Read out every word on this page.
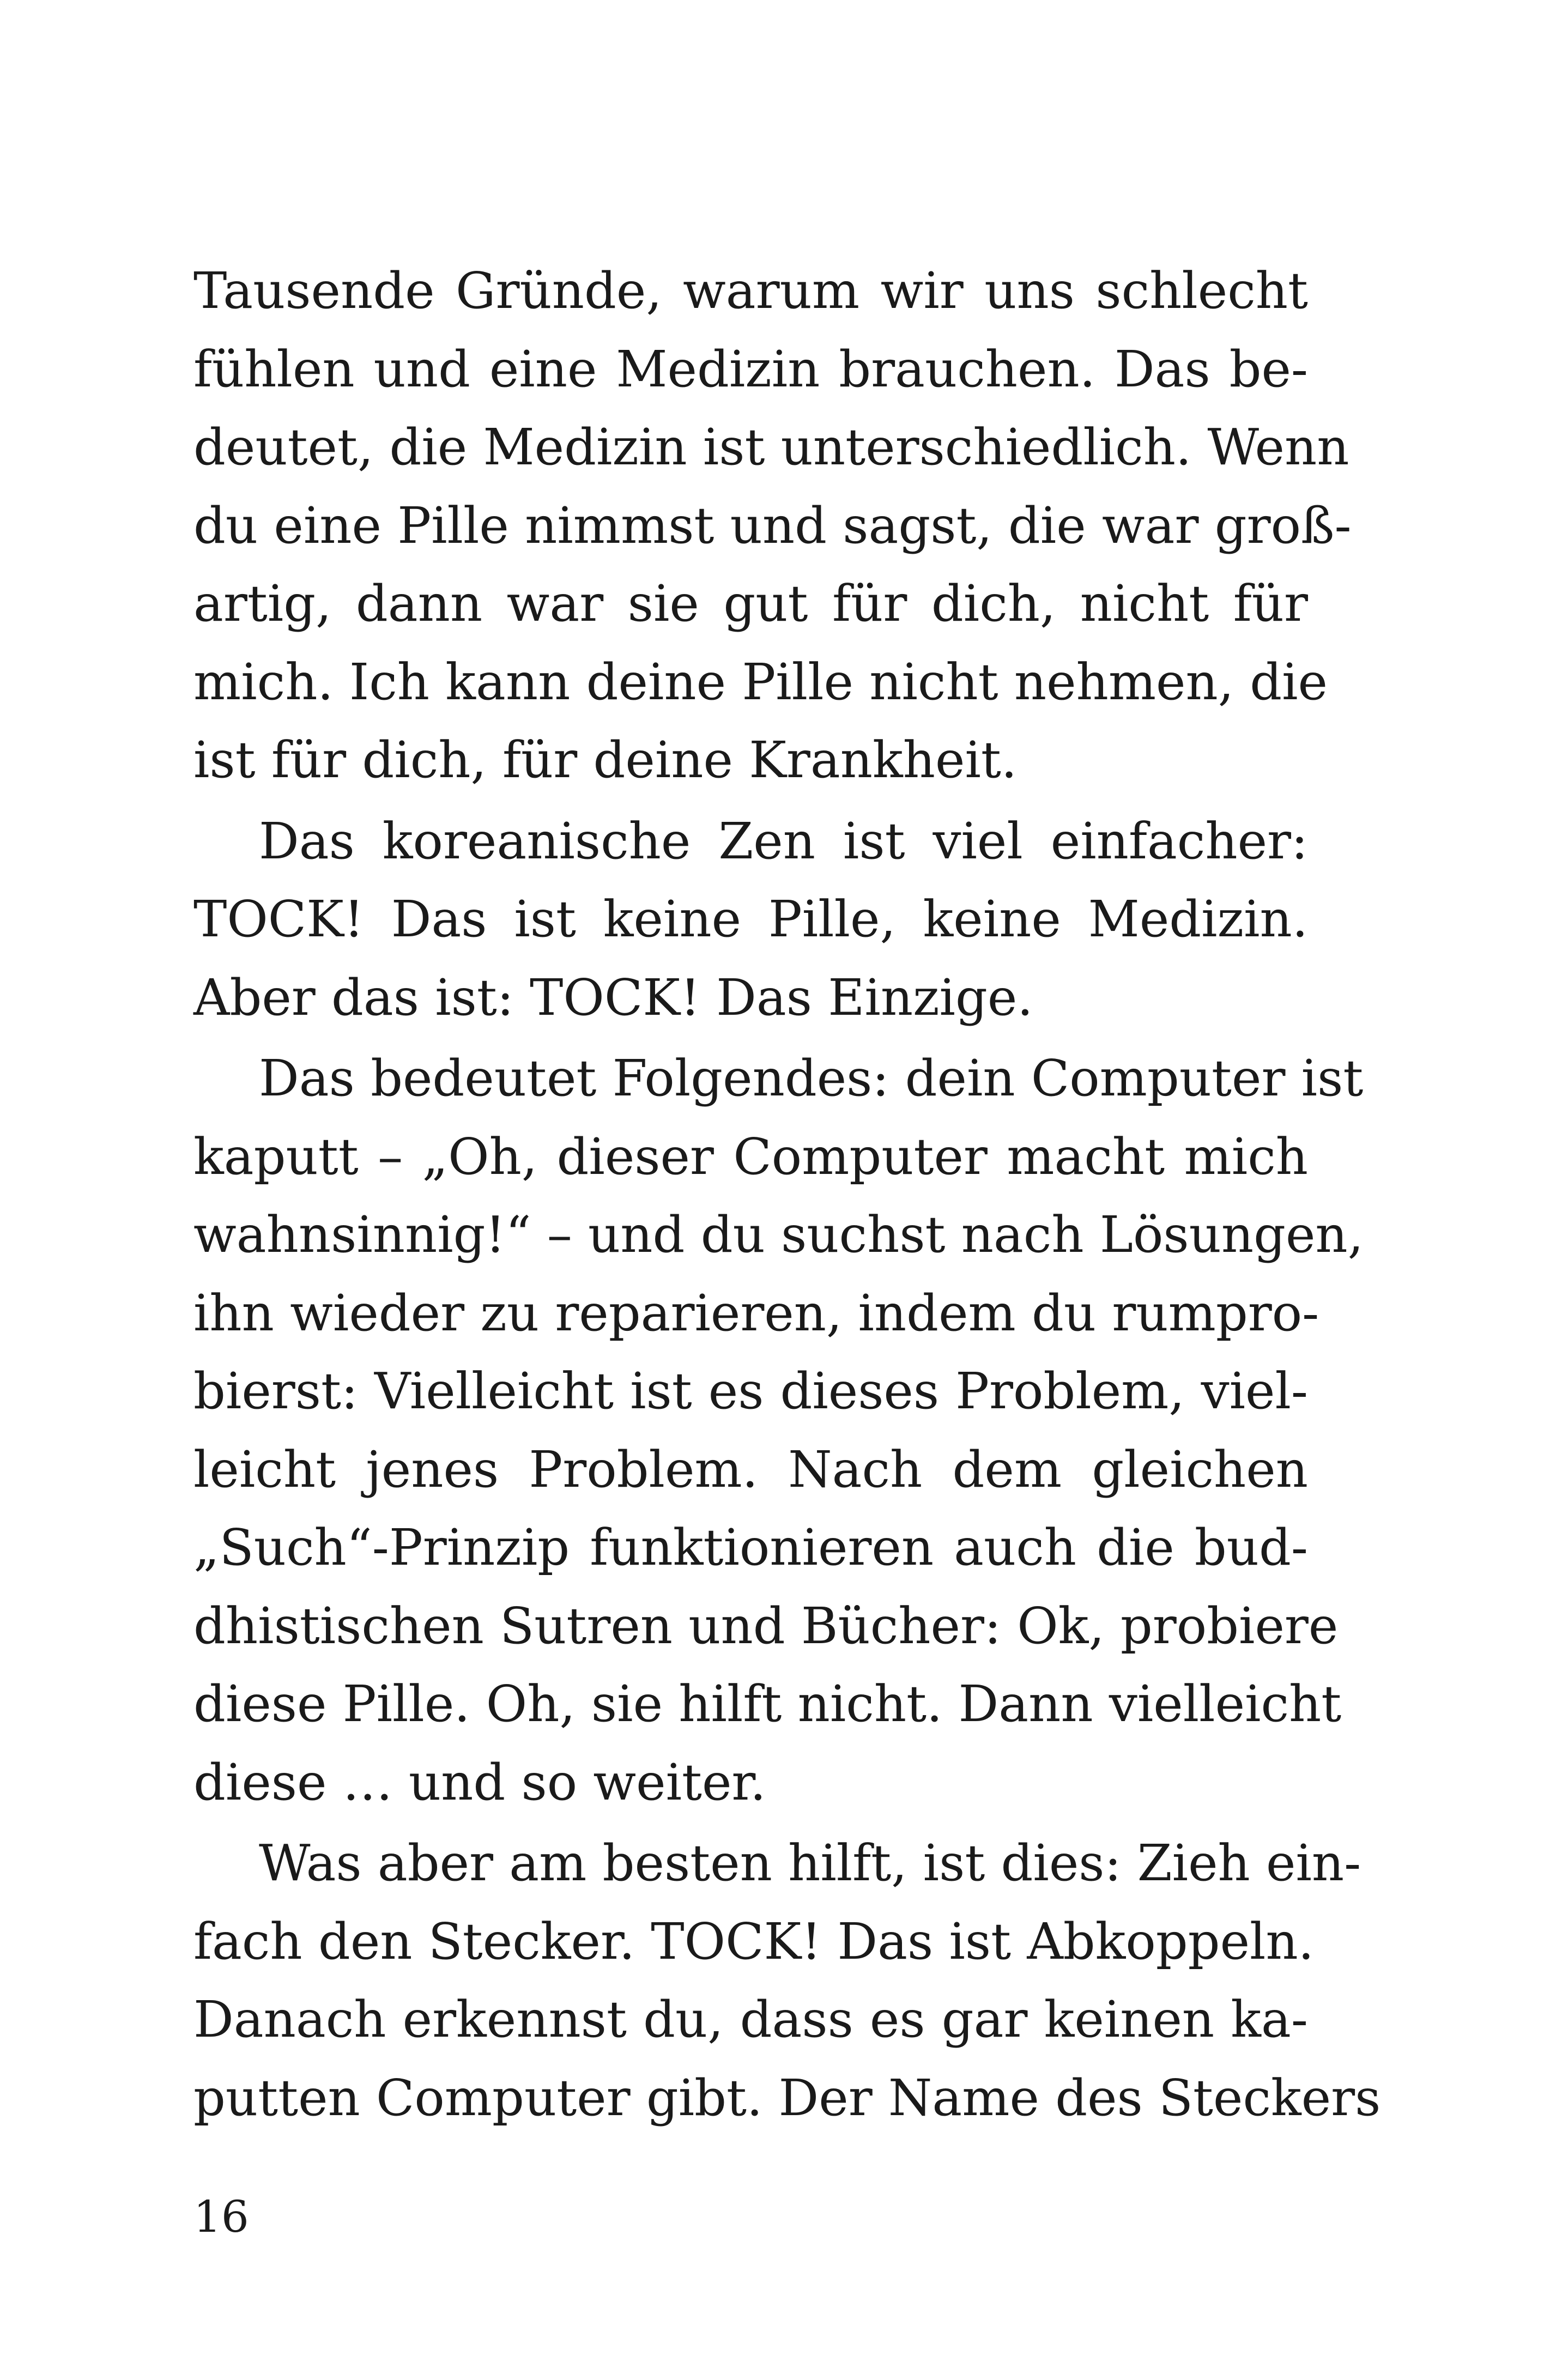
Tausende Gründe, warum wir uns schlecht
fühlen und eine Medizin brauchen. Das be-
deutet, die Medizin ist unterschiedlich. Wenn
du eine Pille nimmst und sagst, die war groß-
artig, dann war sie gut für dich, nicht für
mich. Ich kann deine Pille nicht nehmen, die
ist für dich, für deine Krankheit.
Das koreanische Zen ist viel einfacher:
TOCK! Das ist keine Pille, keine Medizin.
Aber das ist: TOCK! Das Einzige.
Das bedeutet Folgendes: dein Computer ist
kaputt – „Oh, dieser Computer macht mich
wahnsinnig!“ – und du suchst nach Lösungen,
ihn wieder zu reparieren, indem du rumpro-
bierst: Vielleicht ist es dieses Problem, viel-
leicht jenes Problem. Nach dem gleichen
„Such“-Prinzip funktionieren auch die bud-
dhistischen Sutren und Bücher: Ok, probiere
diese Pille. Oh, sie hilft nicht. Dann vielleicht
diese … und so weiter.
Was aber am besten hilft, ist dies: Zieh ein-
fach den Stecker. TOCK! Das ist Abkoppeln.
Danach erkennst du, dass es gar keinen ka-
putten Computer gibt. Der Name des Steckers
16
